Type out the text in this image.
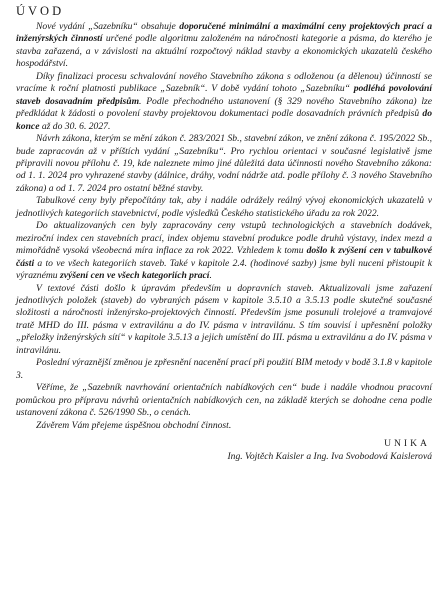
ÚVOD

Nové vydání „Sazebníku“ obsahuje doporučené minimální a maximální ceny projektových prací a inženýrských činností určené podle algoritmu založeném na náročnosti kategorie a pásma, do kterého je stavba zařazená, a v závislosti na aktuální rozpočtový náklad stavby a ekonomických ukazatelů českého hospodářství.

Díky finalizaci procesu schvalování nového Stavebního zákona s odloženou (a dělenou) účinností se vracíme k roční platnosti publikace „Sazebník“. V době vydání tohoto „Sazebníku“ podléhá povolování staveb dosavadním předpisům. Podle přechodného ustanovení (§ 329 nového Stavebního zákona) lze předkládat k žádosti o povolení stavby projektovou dokumentaci podle dosavadních právních předpisů do konce až do 30. 6. 2027.

Návrh zákona, kterým se mění zákon č. 283/2021 Sb., stavební zákon, ve znění zákona č. 195/2022 Sb., bude zapracován až v příštích vydání „Sazebníku“. Pro rychlou orientaci v současné legislativě jsme připravili novou přílohu č. 19, kde naleznete mimo jiné důležitá data účinnosti nového Stavebního zákona: od 1. 1. 2024 pro vyhrazené stavby (dálnice, dráhy, vodní nádrže atd. podle přílohy č. 3 nového Stavebního zákona) a od 1. 7. 2024 pro ostatní běžné stavby.

Tabulkové ceny byly přepočítány tak, aby i nadále odrážely reálný vývoj ekonomických ukazatelů v jednotlivých kategoriích stavebnictví, podle výsledků Českého statistického úřadu za rok 2022.

Do aktualizovaných cen byly zapracovány ceny vstupů technologických a stavebních dodávek, meziroční index cen stavebních prací, index objemu stavební produkce podle druhů výstavy, index mezd a mimořádně vysoká všeobecná míra inflace za rok 2022. Vzhledem k tomu došlo k zvýšení cen v tabulkové části a to ve všech kategoriích staveb. Také v kapitole 2.4. (hodinové sazby) jsme byli nuceni přistoupit k výraznému zvýšení cen ve všech kategoriích prací.

V textové části došlo k úpravám především u dopravních staveb. Aktualizovali jsme zařazení jednotlivých položek (staveb) do vybraných pásem v kapitole 3.5.10 a 3.5.13 podle skutečné současné složitosti a náročnosti inženýrsko-projektových činností. Především jsme posunuli trolejové a tramvajové tratě MHD do III. pásma v extravilánu a do IV. pásma v intravilánu. S tím souvisí i upřesnění položky „přeložky inženýrských sítí“ v kapitole 3.5.13 a jejich umístění do III. pásma u extravilánu a do IV. pásma v intravilánu.

Poslední výraznější změnou je zpřesnění nacenění prací při použití BIM metody v bodě 3.1.8 v kapitole 3.

Věříme, že „Sazebník navrhování orientačních nabídkových cen“ bude i nadále vhodnou pracovní pomůckou pro přípravu návrhů orientačních nabídkových cen, na základě kterých se dohodne cena podle ustanovení zákona č. 526/1990 Sb., o cenách.

Závěrem Vám přejeme úspěšnou obchodní činnost.

UNIKA
Ing. Vojtěch Kaisler a Ing. Iva Svobodová Kaislerová
